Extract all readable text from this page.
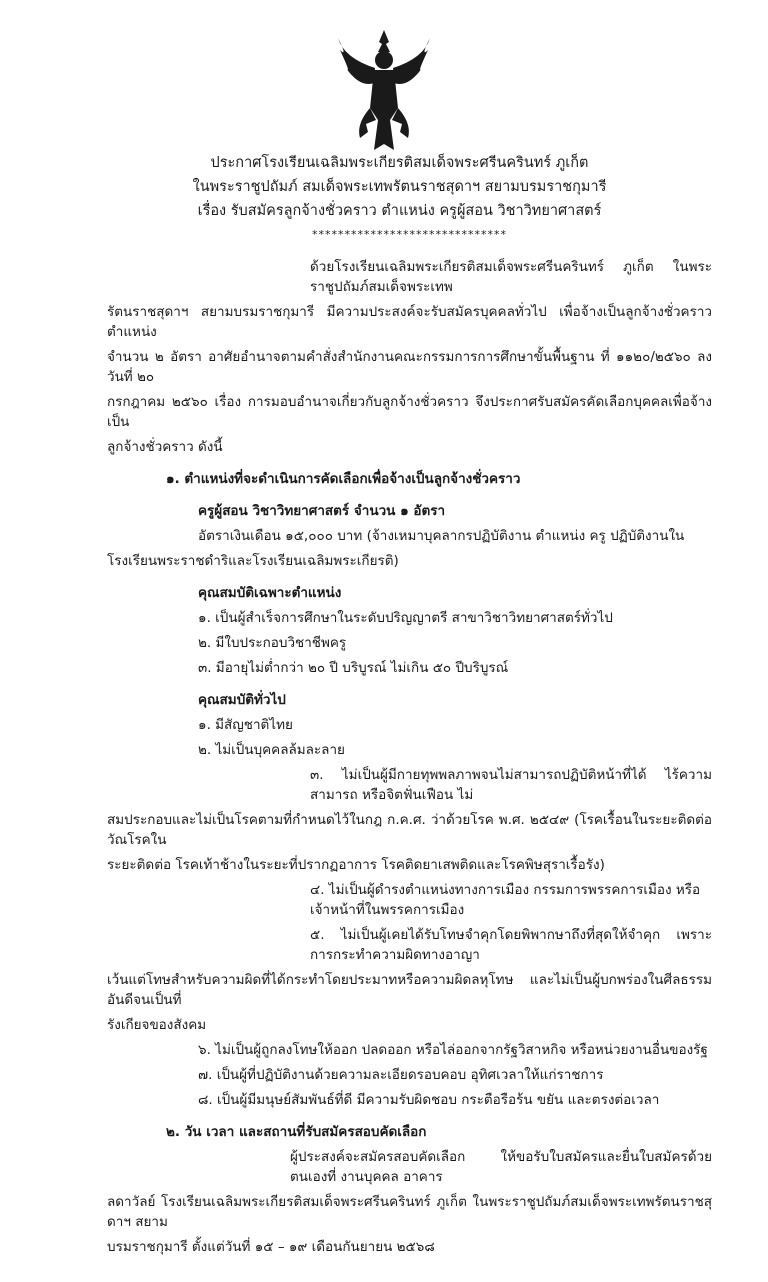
ประกาศโรงเรียนเฉลิมพระเกียรติสมเด็จพระศรีนครินทร์ ภูเก็ต
ในพระราชูปถัมภ์ สมเด็จพระเทพรัตนราชสุดาฯ สยามบรมราชกุมารี
เรื่อง รับสมัครลูกจ้างชั่วคราว ตำแหน่ง ครูผู้สอน วิชาวิทยาศาสตร์
******************************
ด้วยโรงเรียนเฉลิมพระเกียรติสมเด็จพระศรีนครินทร์ ภูเก็ต ในพระราชูปถัมภ์สมเด็จพระเทพ
รัตนราชสุดาฯ สยามบรมราชกุมารี มีความประสงค์จะรับสมัครบุคคลทั่วไป เพื่อจ้างเป็นลูกจ้างชั่วคราว ตำแหน่ง
จำนวน ๒ อัตรา อาศัยอำนาจตามคำสั่งสำนักงานคณะกรรมการการศึกษาขั้นพื้นฐาน ที่ ๑๑๒๐/๒๕๖๐ ลงวันที่ ๒๐
กรกฎาคม ๒๕๖๐ เรื่อง การมอบอำนาจเกี่ยวกับลูกจ้างชั่วคราว จึงประกาศรับสมัครคัดเลือกบุคคลเพื่อจ้างเป็น
ลูกจ้างชั่วคราว ดังนี้
๑. ตำแหน่งที่จะดำเนินการคัดเลือกเพื่อจ้างเป็นลูกจ้างชั่วคราว
ครูผู้สอน วิชาวิทยาศาสตร์ จำนวน ๑ อัตรา
อัตราเงินเดือน ๑๕,๐๐๐ บาท (จ้างเหมาบุคลากรปฏิบัติงาน ตำแหน่ง ครู ปฏิบัติงานใน
โรงเรียนพระราชดำริและโรงเรียนเฉลิมพระเกียรติ)
คุณสมบัติเฉพาะตำแหน่ง
๑. เป็นผู้สำเร็จการศึกษาในระดับปริญญาตรี สาขาวิชาวิทยาศาสตร์ทั่วไป
๒. มีใบประกอบวิชาชีพครู
๓. มีอายุไม่ต่ำกว่า ๒๐ ปี บริบูรณ์ ไม่เกิน ๕๐ ปีบริบูรณ์
คุณสมบัติทั่วไป
๑. มีสัญชาติไทย
๒. ไม่เป็นบุคคลล้มละลาย
๓. ไม่เป็นผู้มีกายทุพพลภาพจนไม่สามารถปฏิบัติหน้าที่ได้ ไร้ความสามารถ หรือจิตฟั่นเฟือน ไม่
สมประกอบและไม่เป็นโรคตามที่กำหนดไว้ในกฎ ก.ค.ศ. ว่าด้วยโรค พ.ศ. ๒๕๔๙ (โรคเรื้อนในระยะติดต่อ วัณโรคใน
ระยะติดต่อ โรคเท้าช้างในระยะที่ปรากฏอาการ โรคติดยาเสพติดและโรคพิษสุราเรื้อรัง)
๔. ไม่เป็นผู้ดำรงตำแหน่งทางการเมือง กรรมการพรรคการเมือง หรือเจ้าหน้าที่ในพรรคการเมือง
๕. ไม่เป็นผู้เคยได้รับโทษจำคุกโดยพิพากษาถึงที่สุดให้จำคุก เพราะการกระทำความผิดทางอาญา
เว้นแต่โทษสำหรับความผิดที่ได้กระทำโดยประมาทหรือความผิดลหุโทษ และไม่เป็นผู้บกพร่องในศีลธรรมอันดีจนเป็นที่
รังเกียจของสังคม
๖. ไม่เป็นผู้ถูกลงโทษให้ออก ปลดออก หรือไล่ออกจากรัฐวิสาหกิจ หรือหน่วยงานอื่นของรัฐ
๗. เป็นผู้ที่ปฏิบัติงานด้วยความละเอียดรอบคอบ อุทิศเวลาให้แก่ราชการ
๘. เป็นผู้มีมนุษย์สัมพันธ์ที่ดี มีความรับผิดชอบ กระตือรือร้น ขยัน และตรงต่อเวลา
๒. วัน เวลา และสถานที่รับสมัครสอบคัดเลือก
ผู้ประสงค์จะสมัครสอบคัดเลือก ให้ขอรับใบสมัครและยื่นใบสมัครด้วยตนเองที่ งานบุคคล อาคาร
ลดาวัลย์ โรงเรียนเฉลิมพระเกียรติสมเด็จพระศรีนครินทร์ ภูเก็ต ในพระราชูปถัมภ์สมเด็จพระเทพรัตนราชสุดาฯ สยาม
บรมราชกุมารี ตั้งแต่วันที่ ๑๕ – ๑๙ เดือนกันยายน ๒๕๖๘
